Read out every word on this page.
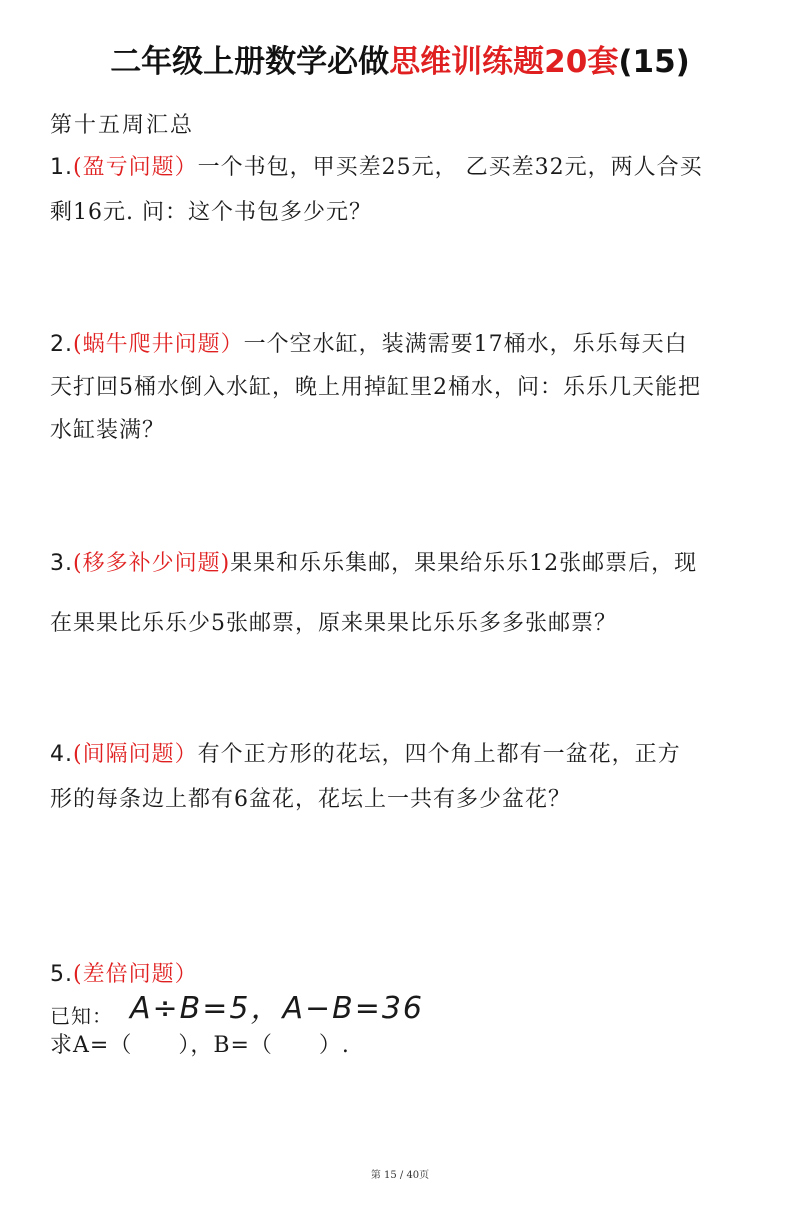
二年级上册数学必做思维训练题20套(15)
第十五周汇总
1.(盈亏问题）一个书包，甲买差25元， 乙买差32元，两人合买
剩16元. 问：这个书包多少元？
2.(蜗牛爬井问题）一个空水缸，装满需要17桶水，乐乐每天白
天打回5桶水倒入水缸，晚上用掉缸里2桶水，问：乐乐几天能把
水缸装满？
3.(移多补少问题)果果和乐乐集邮，果果给乐乐12张邮票后，现
在果果比乐乐少5张邮票，原来果果比乐乐多多张邮票？
4.(间隔问题）有个正方形的花坛，四个角上都有一盆花，正方
形的每条边上都有6盆花，花坛上一共有多少盆花？
5.(差倍问题）
已知： A÷B=5，A−B=36
求A=（　　），B=（　　）.
第 15 / 40页
